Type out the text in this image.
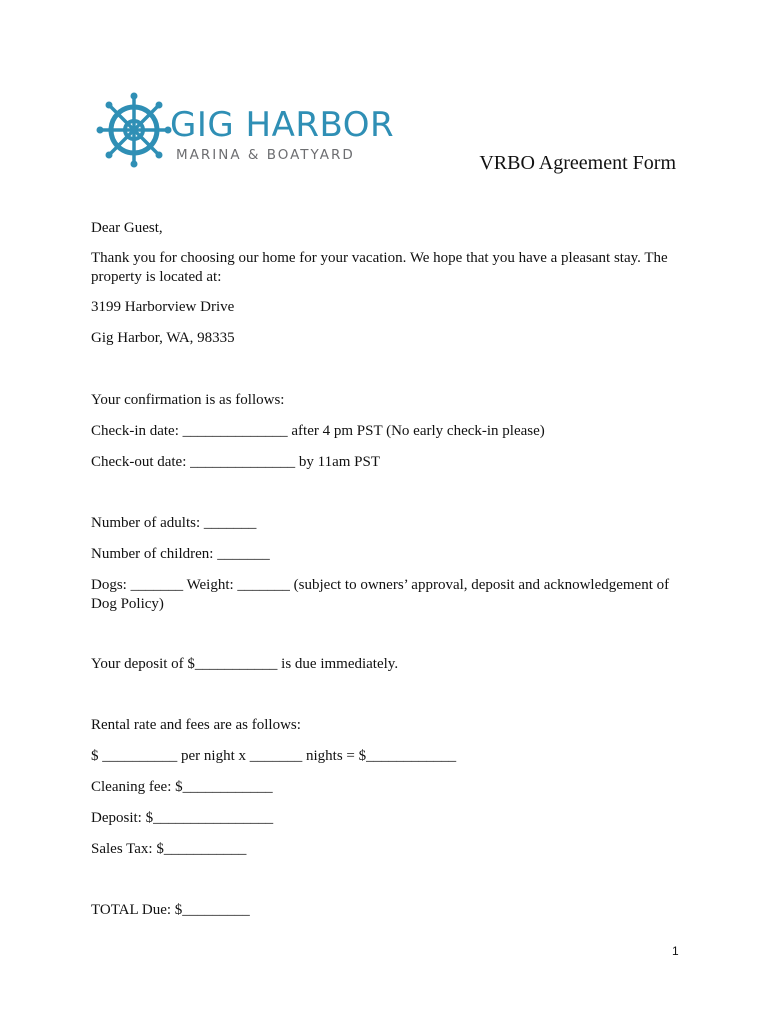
GIG HARBOR
MARINA & BOATYARD	VRBO Agreement Form
Dear Guest,
Thank you for choosing our home for your vacation. We hope that you have a pleasant stay. The property is located at:
3199 Harborview Drive
Gig Harbor, WA, 98335
Your confirmation is as follows:
Check-in date: ______________ after 4 pm PST (No early check-in please)
Check-out date: ______________ by 11am PST
Number of adults: _______
Number of children: _______
Dogs: _______ Weight: _______ (subject to owners’ approval, deposit and acknowledgement of Dog Policy)
Your deposit of $___________ is due immediately.
Rental rate and fees are as follows:
$ __________ per night x _______ nights = $____________
Cleaning fee: $____________
Deposit: $________________
Sales Tax: $___________
TOTAL Due: $_________
1
